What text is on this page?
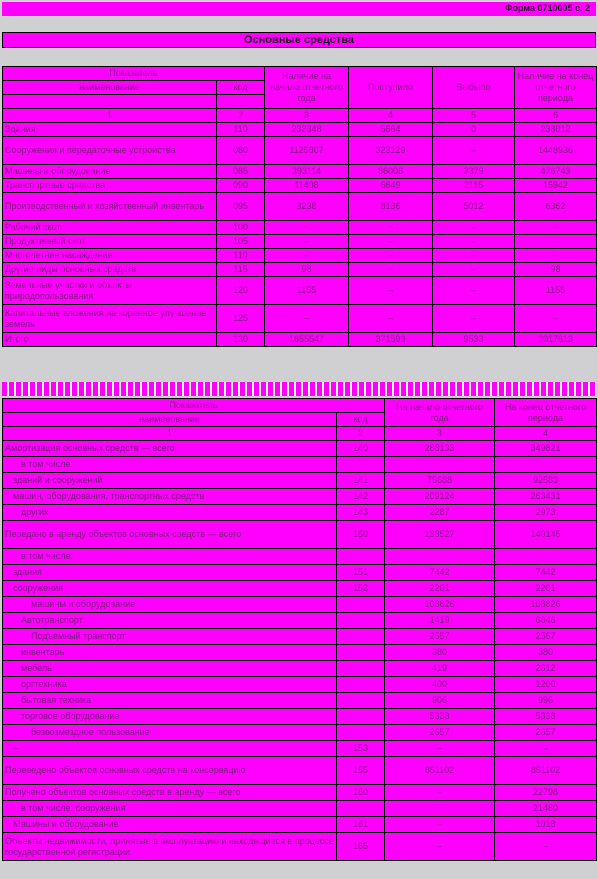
Форма 0710005 с. 2
Основные средства
Показатель		Наличие на начало отчетного года	Поступило	Выбыло	Наличие на конец отчетного периода
наименование	код				

1	2	3	4	5	6
Здания	110	232348	5664	0	238012
Сооружения и передаточные устройства	080	1125807	323129	–	1448936
Машины и оборудование	085	393114	86008	2379	476743
Транспортные средства	090	11408	6649	2115	15942
Производственный и хозяйственный инвентарь	095	3238	8136	5012	6362
Рабочий скот	100	–	–	–	–
Продуктивный скот	105	–	–	–	–
Многолетние насаждения	110	–	–	–	–
Другие виды основных средств	115	98	–	–	98
Земельные участки и объекты природопользования	120	1155	–	–	1155
Капитальные вложения на коренное улучшение земель	125	–	–	–	–
Итого	130	1655547	371599	9533	2017613
Показатель		На начало отчетного года	На конец отчетного периода
наименование	код		
1	2	3	4
Амортизация основных средств — всего	140	288133	349821
в том числе:			
зданий и сооружений	141	75688	92583
машин, оборудования, транспортных средств	142	209124	263431
других	143	2287	2973
Передано в аренду объектов основных средств — всего	150	138527	140145
в том числе:			
здания	151	7442	7442
сооружения	152	2201	2201
машины и оборудование		108826	108826
Автотранспорт		1419	6646
Подъемный транспорт		2557	2557
инвентарь		380	380
мебель		419	2612
оргтехника		400	1200
бытовая техника		906	996
торговое оборудование		5338	5338
безвозмездное пользование		2657	2657
–	153	–	–
Переведено объектов основных средств на консервацию	155	851102	851102
Получено объектов основных средств в аренду — всего	160	–	22798
в том числе: сооружения			21480
Машины и оборудование	161	–	1018
Объекты недвижимости, принятые в эксплуатацию и находящиеся в процессе государственной регистрации	165	–	–
